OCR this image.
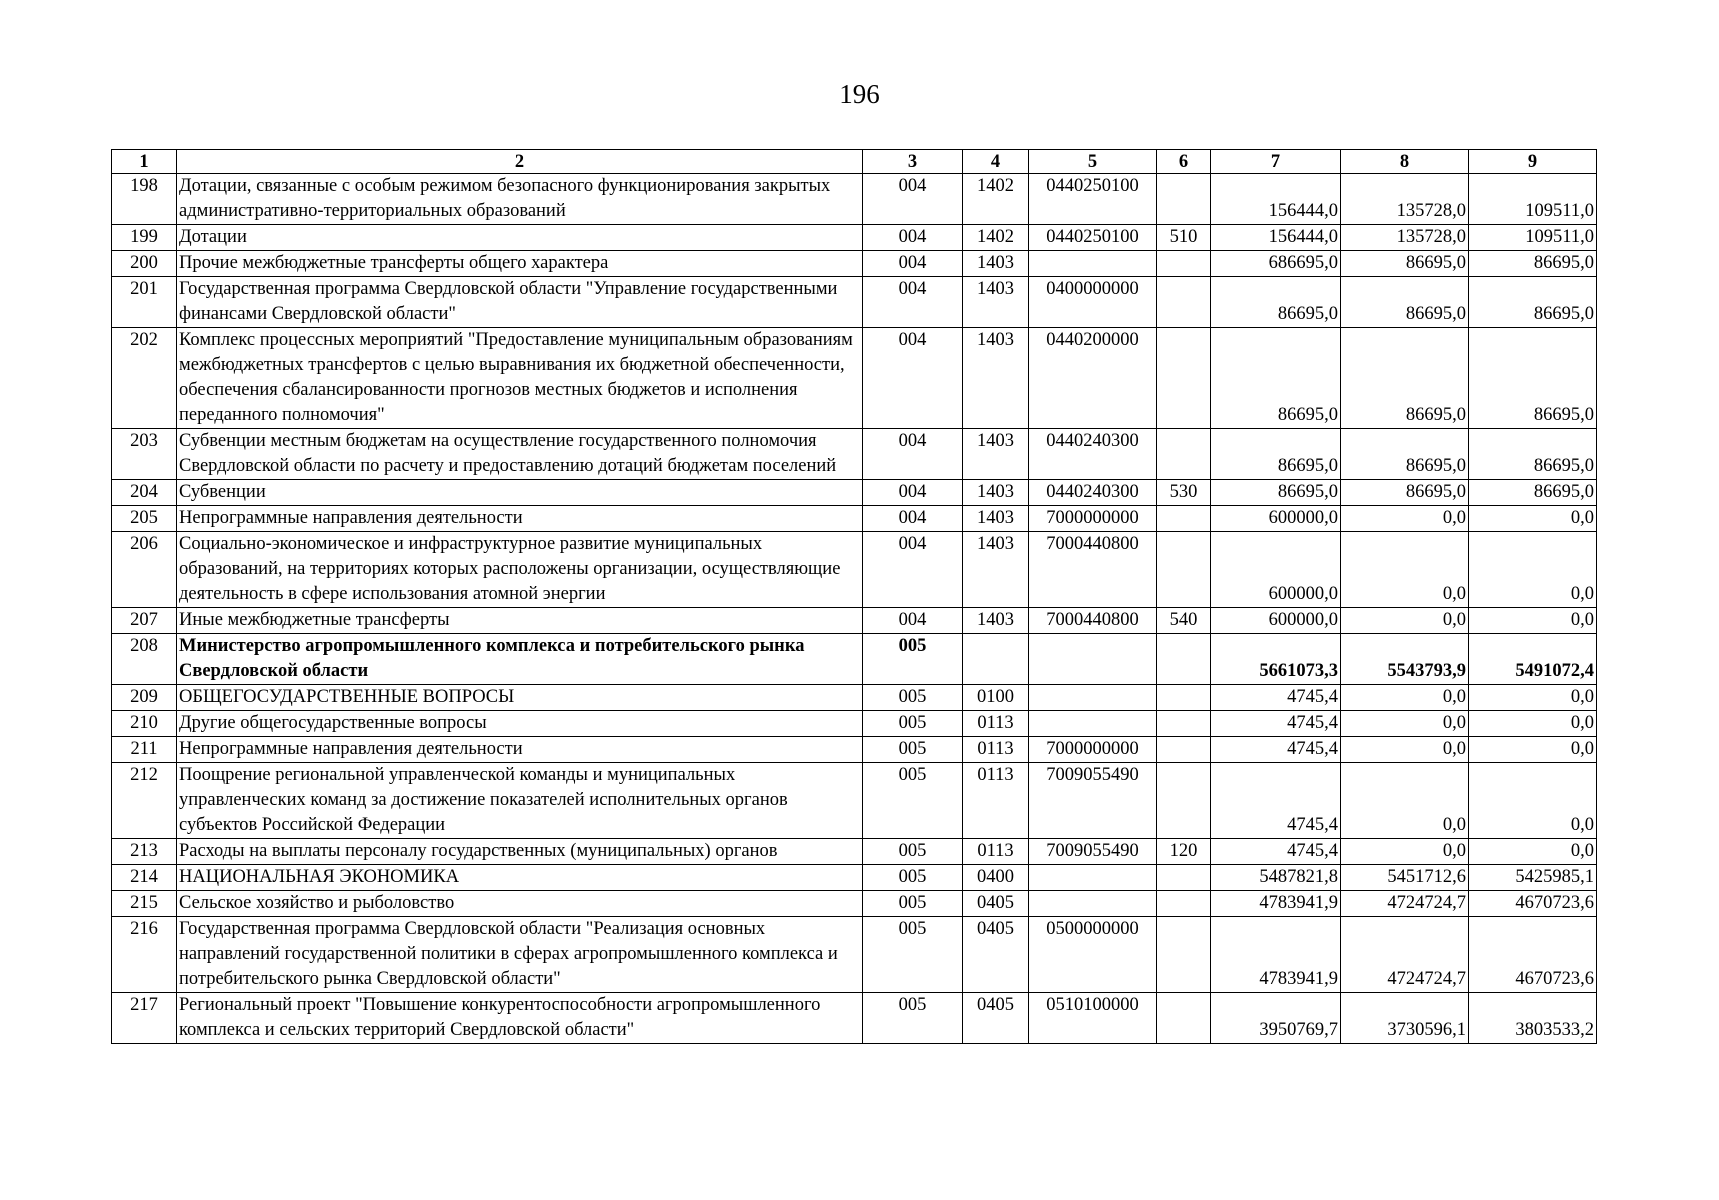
196
1	2	3	4	5	6	7	8	9
198	Дотации, связанные с особым режимом безопасного функционирования закрытых административно-территориальных образований	004	1402	0440250100		156444,0	135728,0	109511,0
199	Дотации	004	1402	0440250100	510	156444,0	135728,0	109511,0
200	Прочие межбюджетные трансферты общего характера	004	1403			686695,0	86695,0	86695,0
201	Государственная программа Свердловской области "Управление государственными финансами Свердловской области"	004	1403	0400000000		86695,0	86695,0	86695,0
202	Комплекс процессных мероприятий "Предоставление муниципальным образованиям межбюджетных трансфертов с целью выравнивания их бюджетной обеспеченности, обеспечения сбалансированности прогнозов местных бюджетов и исполнения переданного полномочия"	004	1403	0440200000		86695,0	86695,0	86695,0
203	Субвенции местным бюджетам на осуществление государственного полномочия Свердловской области по расчету и предоставлению дотаций бюджетам поселений	004	1403	0440240300		86695,0	86695,0	86695,0
204	Субвенции	004	1403	0440240300	530	86695,0	86695,0	86695,0
205	Непрограммные направления деятельности	004	1403	7000000000		600000,0	0,0	0,0
206	Социально-экономическое и инфраструктурное развитие муниципальных образований, на территориях которых расположены организации, осуществляющие деятельность в сфере использования атомной энергии	004	1403	7000440800		600000,0	0,0	0,0
207	Иные межбюджетные трансферты	004	1403	7000440800	540	600000,0	0,0	0,0
208	Министерство агропромышленного комплекса и потребительского рынка Свердловской области	005				5661073,3	5543793,9	5491072,4
209	ОБЩЕГОСУДАРСТВЕННЫЕ ВОПРОСЫ	005	0100			4745,4	0,0	0,0
210	Другие общегосударственные вопросы	005	0113			4745,4	0,0	0,0
211	Непрограммные направления деятельности	005	0113	7000000000		4745,4	0,0	0,0
212	Поощрение региональной управленческой команды и муниципальных управленческих команд за достижение показателей исполнительных органов субъектов Российской Федерации	005	0113	7009055490		4745,4	0,0	0,0
213	Расходы на выплаты персоналу государственных (муниципальных) органов	005	0113	7009055490	120	4745,4	0,0	0,0
214	НАЦИОНАЛЬНАЯ ЭКОНОМИКА	005	0400			5487821,8	5451712,6	5425985,1
215	Сельское хозяйство и рыболовство	005	0405			4783941,9	4724724,7	4670723,6
216	Государственная программа Свердловской области "Реализация основных направлений государственной политики в сферах агропромышленного комплекса и потребительского рынка Свердловской области"	005	0405	0500000000		4783941,9	4724724,7	4670723,6
217	Региональный проект "Повышение конкурентоспособности агропромышленного комплекса и сельских территорий Свердловской области"	005	0405	0510100000		3950769,7	3730596,1	3803533,2
